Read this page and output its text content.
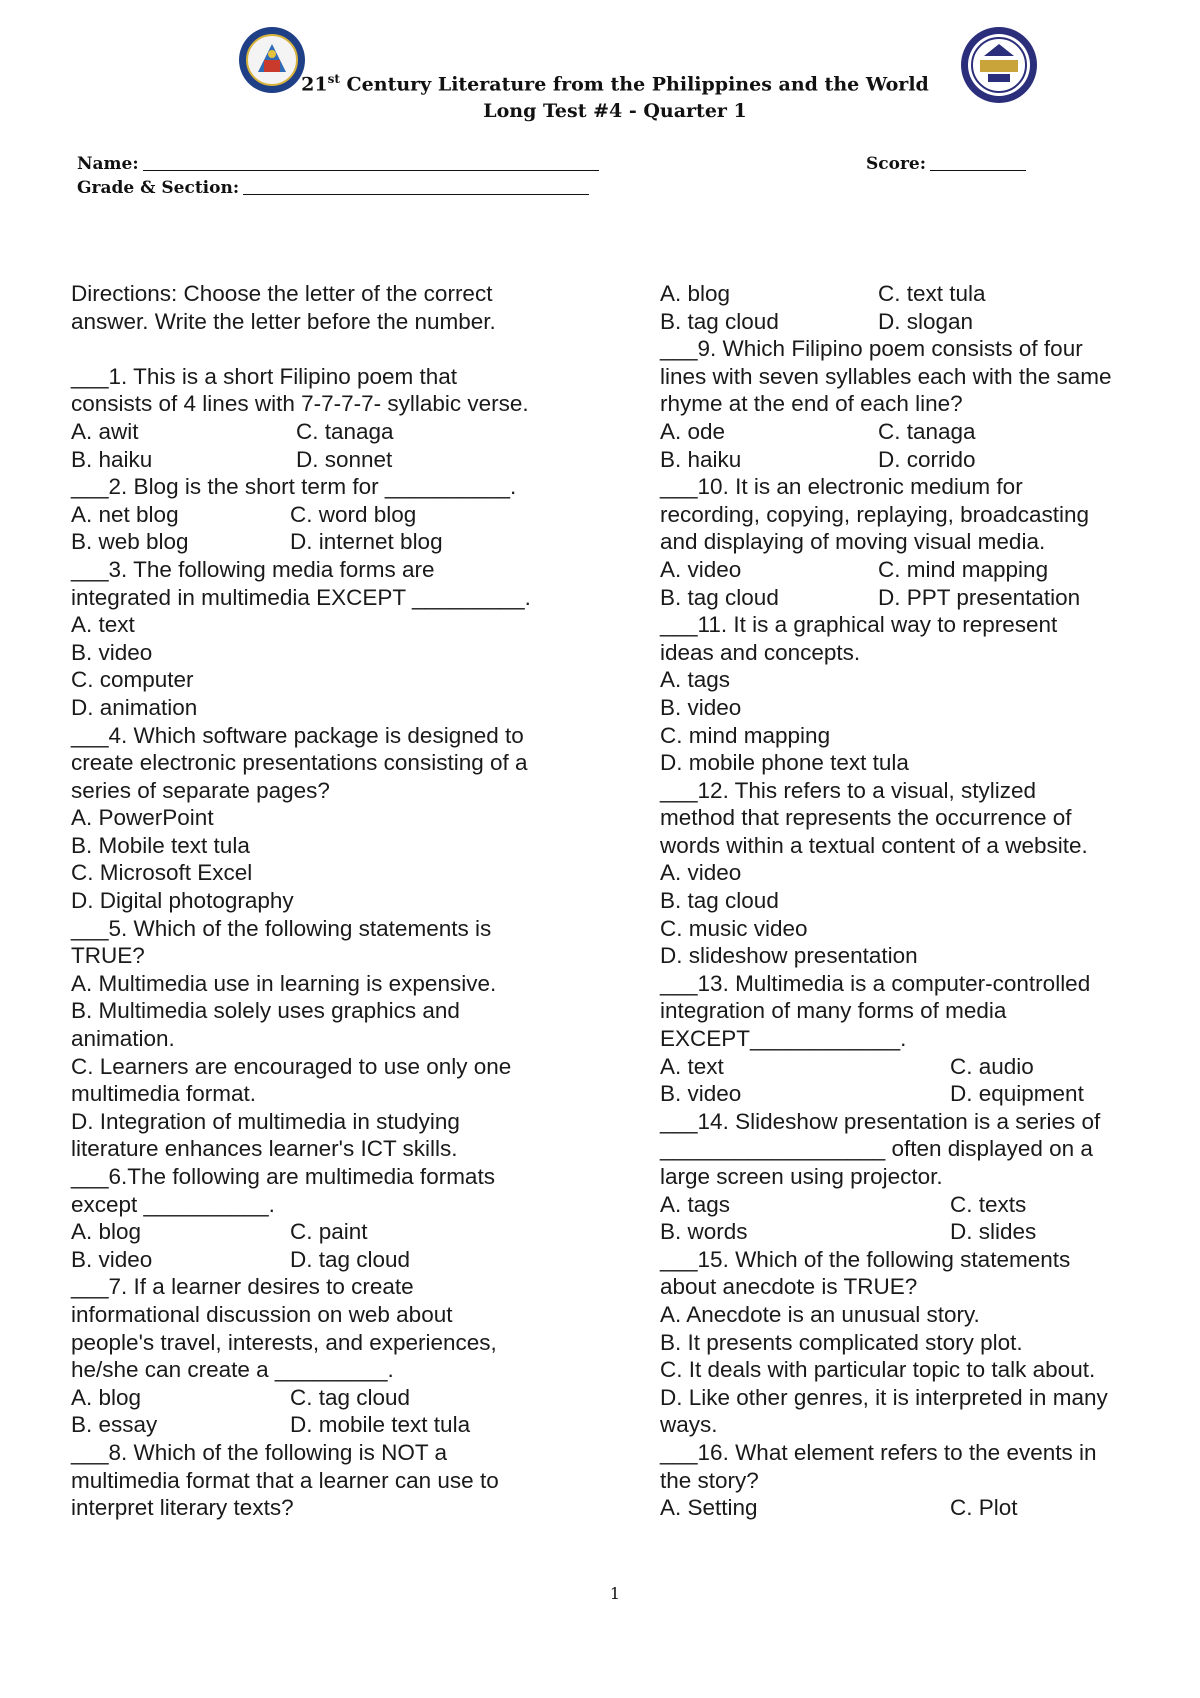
21st Century Literature from the Philippines and the World
Long Test #4 - Quarter 1
Name:
Grade & Section:
Score:
Directions: Choose the letter of the correct
answer. Write the letter before the number.
___1. This is a short Filipino poem that
consists of 4 lines with 7-7-7-7- syllabic verse.
A. awit	C. tanaga
B. haiku	D. sonnet
___2. Blog is the short term for __________.
A. net blog	C. word blog
B. web blog	D. internet blog
___3. The following media forms are
integrated in multimedia EXCEPT _________.
A. text
B. video
C. computer
D. animation
___4. Which software package is designed to
create electronic presentations consisting of a
series of separate pages?
A. PowerPoint
B. Mobile text tula
C. Microsoft Excel
D. Digital photography
___5. Which of the following statements is
TRUE?
A. Multimedia use in learning is expensive.
B. Multimedia solely uses graphics and
animation.
C. Learners are encouraged to use only one
multimedia format.
D. Integration of multimedia in studying
literature enhances learner's ICT skills.
___6.The following are multimedia formats
except __________.
A. blog	C. paint
B. video	D. tag cloud
___7. If a learner desires to create
informational discussion on web about
people's travel, interests, and experiences,
he/she can create a _________.
A. blog	C. tag cloud
B. essay	D. mobile text tula
___8. Which of the following is NOT a
multimedia format that a learner can use to
interpret literary texts?
A. blog	C. text tula
B. tag cloud	D. slogan
___9. Which Filipino poem consists of four
lines with seven syllables each with the same
rhyme at the end of each line?
A. ode	C. tanaga
B. haiku	D. corrido
___10. It is an electronic medium for
recording, copying, replaying, broadcasting
and displaying of moving visual media.
A. video	C. mind mapping
B. tag cloud	D. PPT presentation
___11. It is a graphical way to represent
ideas and concepts.
A. tags
B. video
C. mind mapping
D. mobile phone text tula
___12. This refers to a visual, stylized
method that represents the occurrence of
words within a textual content of a website.
A. video
B. tag cloud
C. music video
D. slideshow presentation
___13. Multimedia is a computer-controlled
integration of many forms of media
EXCEPT____________.
A. text	C. audio
B. video	D. equipment
___14. Slideshow presentation is a series of
__________________ often displayed on a
large screen using projector.
A. tags	C. texts
B. words	D. slides
___15. Which of the following statements
about anecdote is TRUE?
A. Anecdote is an unusual story.
B. It presents complicated story plot.
C. It deals with particular topic to talk about.
D. Like other genres, it is interpreted in many
ways.
___16. What element refers to the events in
the story?
A. Setting	C. Plot
1
